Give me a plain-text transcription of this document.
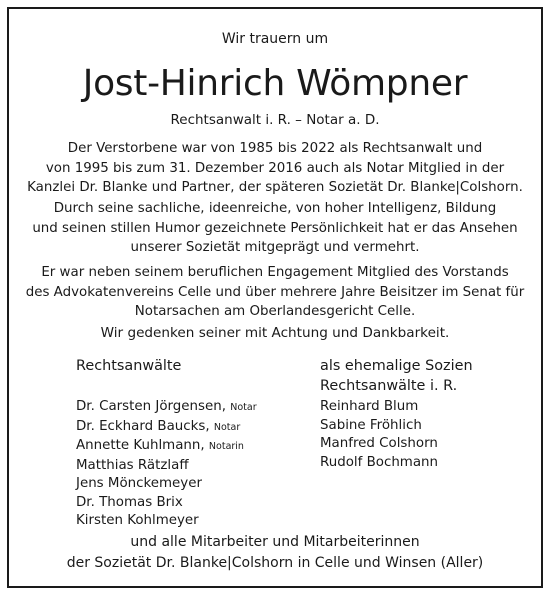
Wir trauern um
Jost-Hinrich Wömpner
Rechtsanwalt i. R. – Notar a. D.
Der Verstorbene war von 1985 bis 2022 als Rechtsanwalt und
von 1995 bis zum 31. Dezember 2016 auch als Notar Mitglied in der
Kanzlei Dr. Blanke und Partner, der späteren Sozietät Dr. Blanke|Colshorn.
Durch seine sachliche, ideenreiche, von hoher Intelligenz, Bildung
und seinen stillen Humor gezeichnete Persönlichkeit hat er das Ansehen
unserer Sozietät mitgeprägt und vermehrt.
Er war neben seinem beruflichen Engagement Mitglied des Vorstands
des Advokatenvereins Celle und über mehrere Jahre Beisitzer im Senat für
Notarsachen am Oberlandesgericht Celle.
Wir gedenken seiner mit Achtung und Dankbarkeit.
Rechtsanwälte	als ehemalige Sozien
Rechtsanwälte i. R.
Dr. Carsten Jörgensen, Notar
Dr. Eckhard Baucks, Notar
Annette Kuhlmann, Notarin
Matthias Rätzlaff
Jens Mönckemeyer
Dr. Thomas Brix
Kirsten Kohlmeyer
Reinhard Blum
Sabine Fröhlich
Manfred Colshorn
Rudolf Bochmann
und alle Mitarbeiter und Mitarbeiterinnen
der Sozietät Dr. Blanke|Colshorn in Celle und Winsen (Aller)
